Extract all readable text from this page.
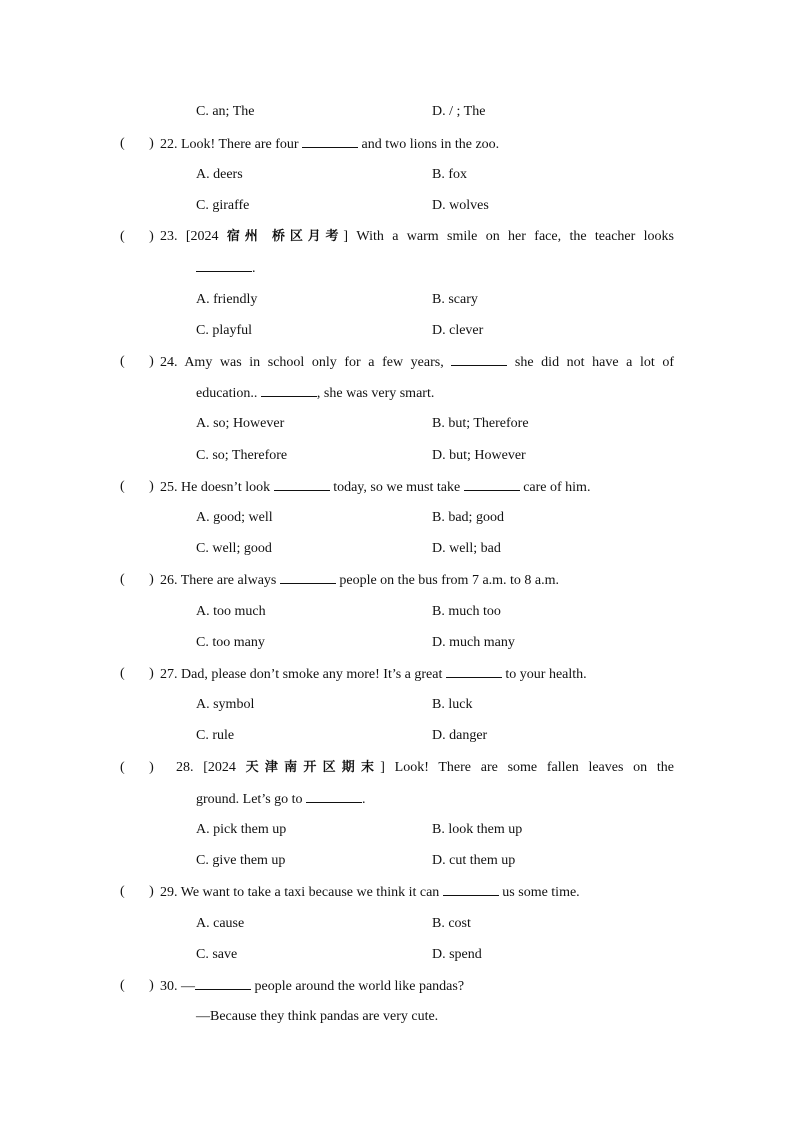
C. an; The	D. / ; The
(       ) 22. Look! There are four	and two lions in the zoo.
A. deers	B. fox
C. giraffe	D. wolves
(       ) 23. [2024 宿州 桥区月考] With a warm smile on her face, the teacher looks
.
A. friendly	B. scary
C. playful	D. clever
(       ) 24. Amy was in school only for a few years,	she did not have a lot of
education..	, she was very smart.
A. so; However	B. but; Therefore
C. so; Therefore	D. but; However
(       ) 25. He doesn’t look	today, so we must take	care of him.
A. good; well	B. bad; good
C. well; good	D. well; bad
(       ) 26. There are always	people on the bus from 7 a.m. to 8 a.m.
A. too much	B. much too
C. too many	D. much many
(       ) 27. Dad, please don’t smoke any more! It’s a great	to your health.
A. symbol	B. luck
C. rule	D. danger
(       ) 28. [2024 天津南开区期末] Look! There are some fallen leaves on the
ground. Let’s go to	.
A. pick them up	B. look them up
C. give them up	D. cut them up
(       ) 29. We want to take a taxi because we think it can	us some time.
A. cause	B. cost
C. save	D. spend
(       ) 30. —	people around the world like pandas?
—Because they think pandas are very cute.
